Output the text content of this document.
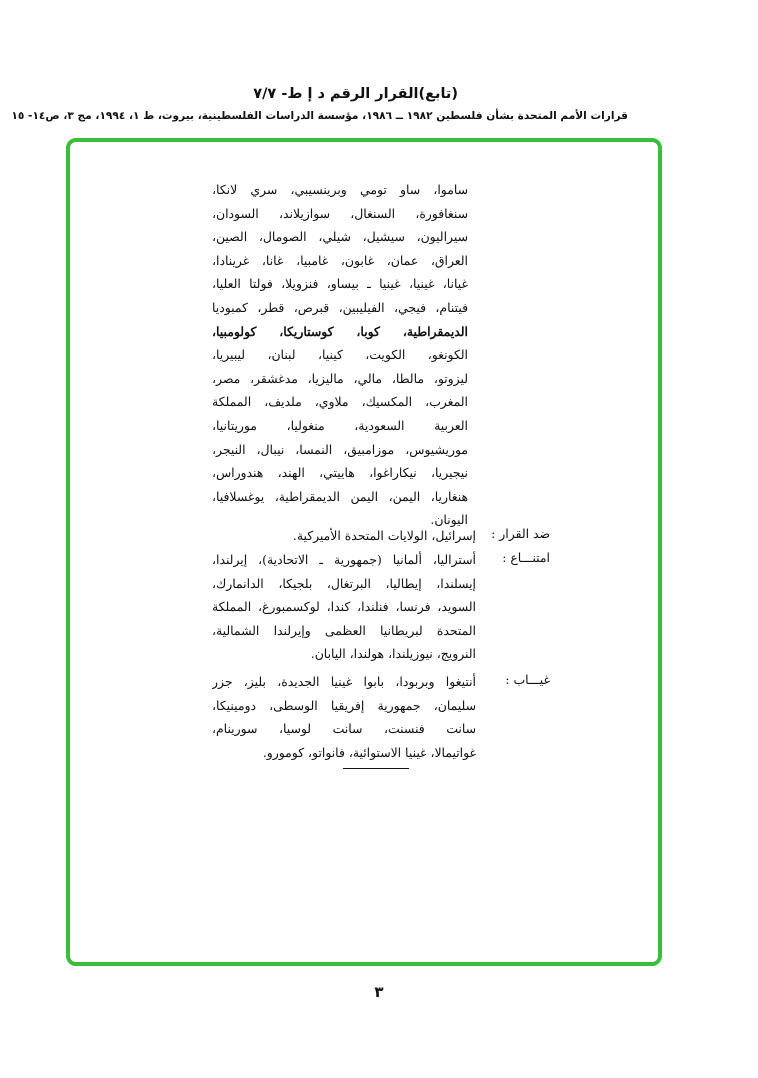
(تابع)القرار الرقم د إ ط- ٧/٧
قرارات الأمم المتحدة بشأن فلسطين ١٩٨٢ ــ ١٩٨٦، مؤسسة الدراسات الفلسطينية، بيروت، ط ١، ١٩٩٤، مج ٣، ص١٤- ١٥
ساموا، ساو تومي وبرينسيبي، سري لانكا،
سنغافورة، السنغال، سوازيلاند، السودان،
سيراليون، سيشيل، شيلي، الصومال، الصين،
العراق، عمان، غابون، غامبيا، غانا، غرينادا،
غيانا، غينيا، غينيا ـ بيساو، فنزويلا، فولتا العليا،
فيتنام، فيجي، الفيليبين، قبرص، قطر، كمبوديا
الديمقراطية، كوبا، كوستاريكا، كولومبيا،
الكونغو، الكويت، كينيا، لبنان، ليبيريا،
ليزوتو، مالطا، مالي، ماليزيا، مدغشقر، مصر،
المغرب، المكسيك، ملاوي، ملديف، المملكة
العربية السعودية، منغوليا، موريتانيا،
موريشيوس، موزامبيق، النمسا، نيبال، النيجر،
نيجيريا، نيكاراغوا، هاييتي، الهند، هندوراس،
هنغاريا، اليمن، اليمن الديمقراطية، يوغسلافيا،
اليونان.
ضد القرار :
إسرائيل، الولايات المتحدة الأميركية.
امتنـــاع :
أستراليا، ألمانيا (جمهورية ـ الاتحادية)، إيرلندا،
إيسلندا، إيطاليا، البرتغال، بلجيكا، الدانمارك،
السويد، فرنسا، فنلندا، كندا، لوكسمبورغ، المملكة
المتحدة لبريطانيا العظمى وإيرلندا الشمالية،
النرويج، نيوزيلندا، هولندا، اليابان.
غيـــاب :
أنتيغوا وبربودا، بابوا غينيا الجديدة، بليز، جزر
سليمان، جمهورية إفريقيا الوسطى، دومينيكا،
سانت فنسنت، سانت لوسيا، سورينام،
غواتيمالا، غينيا الاستوائية، فانواتو، كومورو.
٣
